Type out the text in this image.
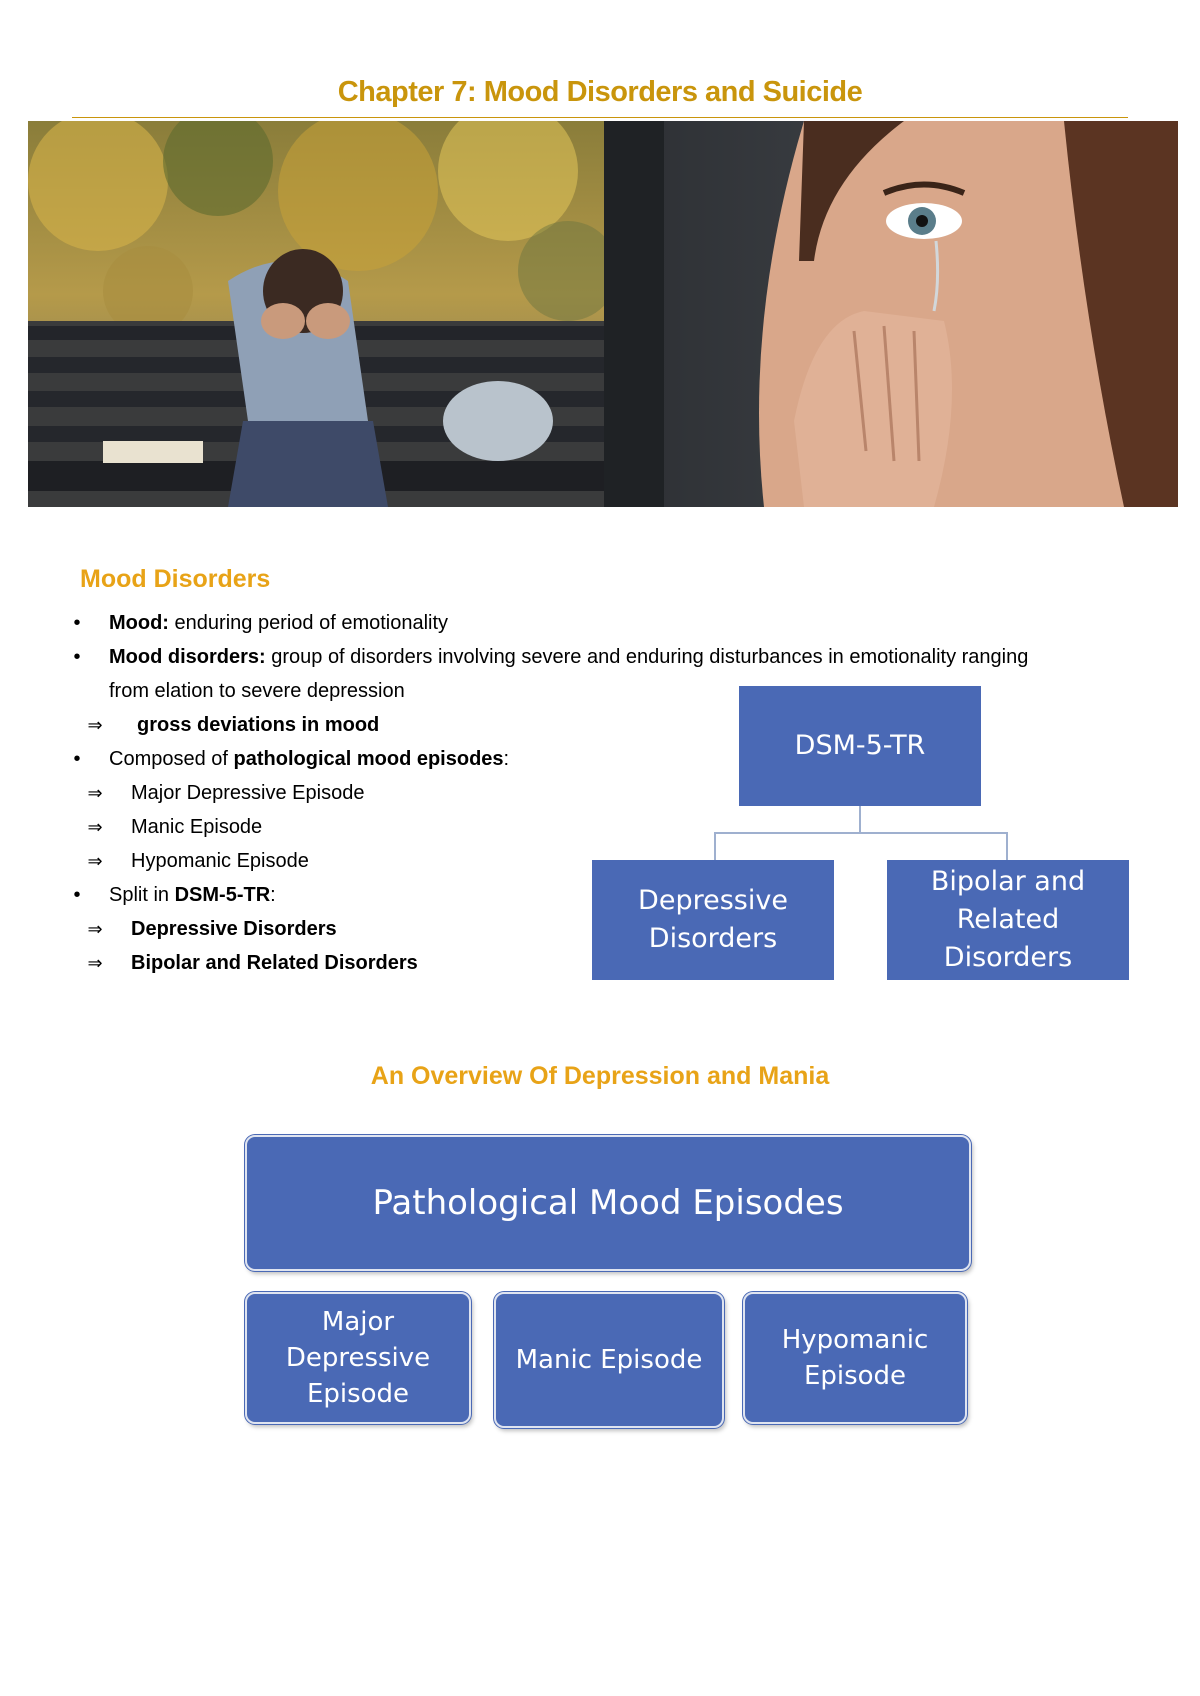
Chapter 7: Mood Disorders and Suicide
Mood Disorders
•	Mood: enduring period of emotionality
•	Mood disorders: group of disorders involving severe and enduring disturbances in emotionality ranging
from elation to severe depression
⇒	gross deviations in mood
•	Composed of pathological mood episodes:
⇒	Major Depressive Episode
⇒	Manic Episode
⇒	Hypomanic Episode
•	Split in DSM-5-TR:
⇒	Depressive Disorders
⇒	Bipolar and Related Disorders
DSM-5-TR
Depressive Disorders
Bipolar and Related Disorders
An Overview Of Depression and Mania
Pathological Mood Episodes
Major Depressive Episode
Manic Episode
Hypomanic Episode
